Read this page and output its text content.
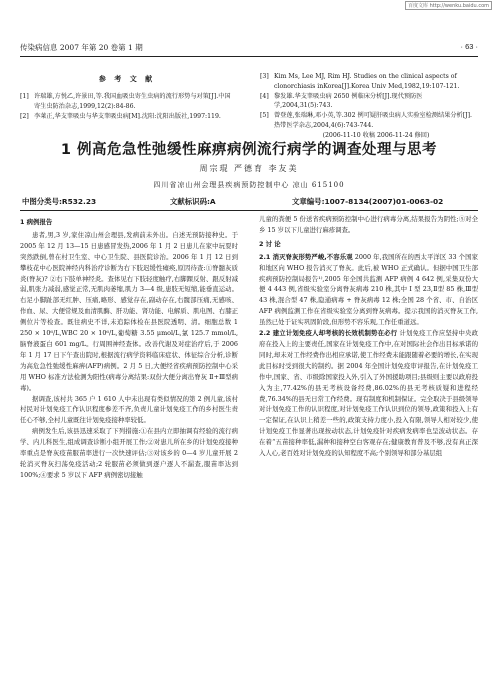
百度文库 http://wenku.baidu.com
传染病信息 2007 年第 20 卷第 1 期	· 63 ·
参 考 文 献
[1] 许瑞雄,方悦乙,许景田,等.我国血吸虫寄生虫病的流行形势与对策[J].中国寄生虫防治杂志,1999,12(2):84-86.
[2] 李莱正,华支睾吸虫与华支睾吸虫病[M].沈阳:沈阳出版社,1997:119.
[3] Kim Ms, Lee MJ, Rim HJ. Studies on the clinical aspects of clonorchiasis inKorea[J].Korea Univ Med,1982,19:107-121.
[4] 黎发雄.华支睾吸虫病 2650 例临床分析[J].现代预防医学,2004,31(5):743.
[5] 曾登莲,张瑞琳,邓小英,等.302 例可疑肝吸虫病人实验室检测结果分析[J].热带医学杂志,2004,4(6):743-744.
(2006-11-10 收稿 2006-11-24 修回)
1 例高危急性弛缓性麻痹病例流行病学的调查处理与思考
周宗琨 严德育 李友美
四川省凉山州会理县疾病预防控制中心 凉山 615100
中图分类号:R532.23	文献标识码:A	文章编号:1007-8134(2007)01-0063-02

1 病例报告

患者,男,3 岁,家住凉山州会理县,发病前未外出。自述无预防接种史。于 2005 年 12 月 13—15 日患感冒发热,2006 年 1 月 2 日患儿在家中玩耍时突然跌倒,曾在村卫生室、中心卫生院、县医院诊治。2006 年 1 月 12 日到攀枝花中心医院神经内科治疗诊断为右下肢迟缓性瘫痪,原因待查:①脊髓灰质炎(脊灰)? ②右下肢单神经炎。查体见右下肢轻度触疗,右脚踝反射、跟反射减弱,肌张力减弱,感觉正常,无肌肉萎缩,肌力 3—4 级,患肢无短缩,能垂直运动。右足小脚趾部无红肿、压痛,略形、感觉存在,副动存在,右髋部压痛,无感咳、作血、尿、大便常规及血清肌酶、肝功能、肾功能、电解质、肌电图、右膝正侧位片等检查。既往病史不详,未追踪体检在县医院透明、清。细胞总数 1 250 × 10⁶/L,WBC 20 × 10⁶/L,葡萄糖 3.55 μmol/L,氯 125.7 mmol/L,脑脊液蛋白 601 mg/L。行周围神经查体。改善代谢及对症治疗后,于 2006 年 1 月 17 日下午查出院时,根据流行病学资料临床症状、体征综合分析,诊断为高危急性弛缓性麻痹(AFP)病例。2 月 5 日,大便经省疾病预防控制中心采用 WHO 标准方法检测为阳性(病毒分离结果:双份大便分离出脊灰 Ⅱ+Ⅲ型病毒)。

据调查,该村共 365 户 1 610 人中未出现有类似情况的第 2 例儿童,该村村民对计划免疫工作认识程度参差不齐,负责儿童计划免疫工作的乡村医生责任心不够,全村儿童既往计划免疫接种率较低。

病例发生后,该县迅速采取了下列措施:①在县内立即抽调有经验的流行病学、内儿科医生,组成调查诊断小组开展工作;②对患儿所在乡的计划免疫接种率重点是脊灰疫苗服苗率进行一次快速评估;③对该乡的 0—4 岁儿童开展 2 轮消灭脊灰扫荡免疫活动;2 轮服苗必须做到逐户逐人不漏查,服苗率达到 100%;④要求 5 岁以下 AFP 病例密切接触

儿童的粪便 5 份送省疾病预防控制中心进行病毒分离,结果报告为阴性;⑤对全乡 15 岁以下儿童进行麻疹调查。

2 讨 论

2.1 消灭脊灰形势严峻,不容乐观 2000 年,我国所在的西太平洋区 33 个国家和地区向 WHO 报告消灭了脊灰。此后,被 WHO 正式确认。但据中国卫生部疾病预防控制局报告¹⁾,2005 年全国共监测 AFP 病例 4 642 例,采集双份大便 4 443 例,省级实验室分离脊灰病毒 210 株,其中 I 型 23,Ⅱ型 85 株,Ⅲ型 43 株,混合型 47 株,隐通病毒 + 脊灰病毒 12 株;全国 28 个省、市、自治区 AFP 病例监测工作在省级实验室分离到脊灰病毒。提示我国的消灭脊灰工作,虽然已处于证实巩固阶段,但形势不容乐观,工作任重道远。

2.2 建立计划免疫人却考核的长效机制势在必行 计划免疫工作应坚持中央政府在投入上的主要责任,国家在计划免疫工作中,在对国际社会作出目标承诺的同时,却未对工作经费作出相应承诺,使工作经费未能跟随着必要的增长,在实现此目标时受到很大的制约。据 2004 年全国计划免疫审评报告,在计划免疫工作中,国家、省、市级除国家投入外,引入了外国援助项目;县级则主要以政府投入为主,77.42%的县无考核设备经费,86.02%的县无考核质疑和进程经费,76.34%的县无日常工作经费。现有制度和机制保证。完全取决于县级领导对计划免疫工作的认识程度,对计划免疫工作认识到位的领导,政策和投入上有一定保证,在认识上稍差一些的,政策支持力度小,投入有限,领导人相对较少,使计划免疫工作显著出现按动状态,计划免疫针对疾病发病率也呈波动状态。存在着“五苗接种率低,漏种和接种空白客观存在;健康教育普及不够,没有真正深入人心,老百姓对计划免疫的认知程度不高;个别领导和部分基层组
